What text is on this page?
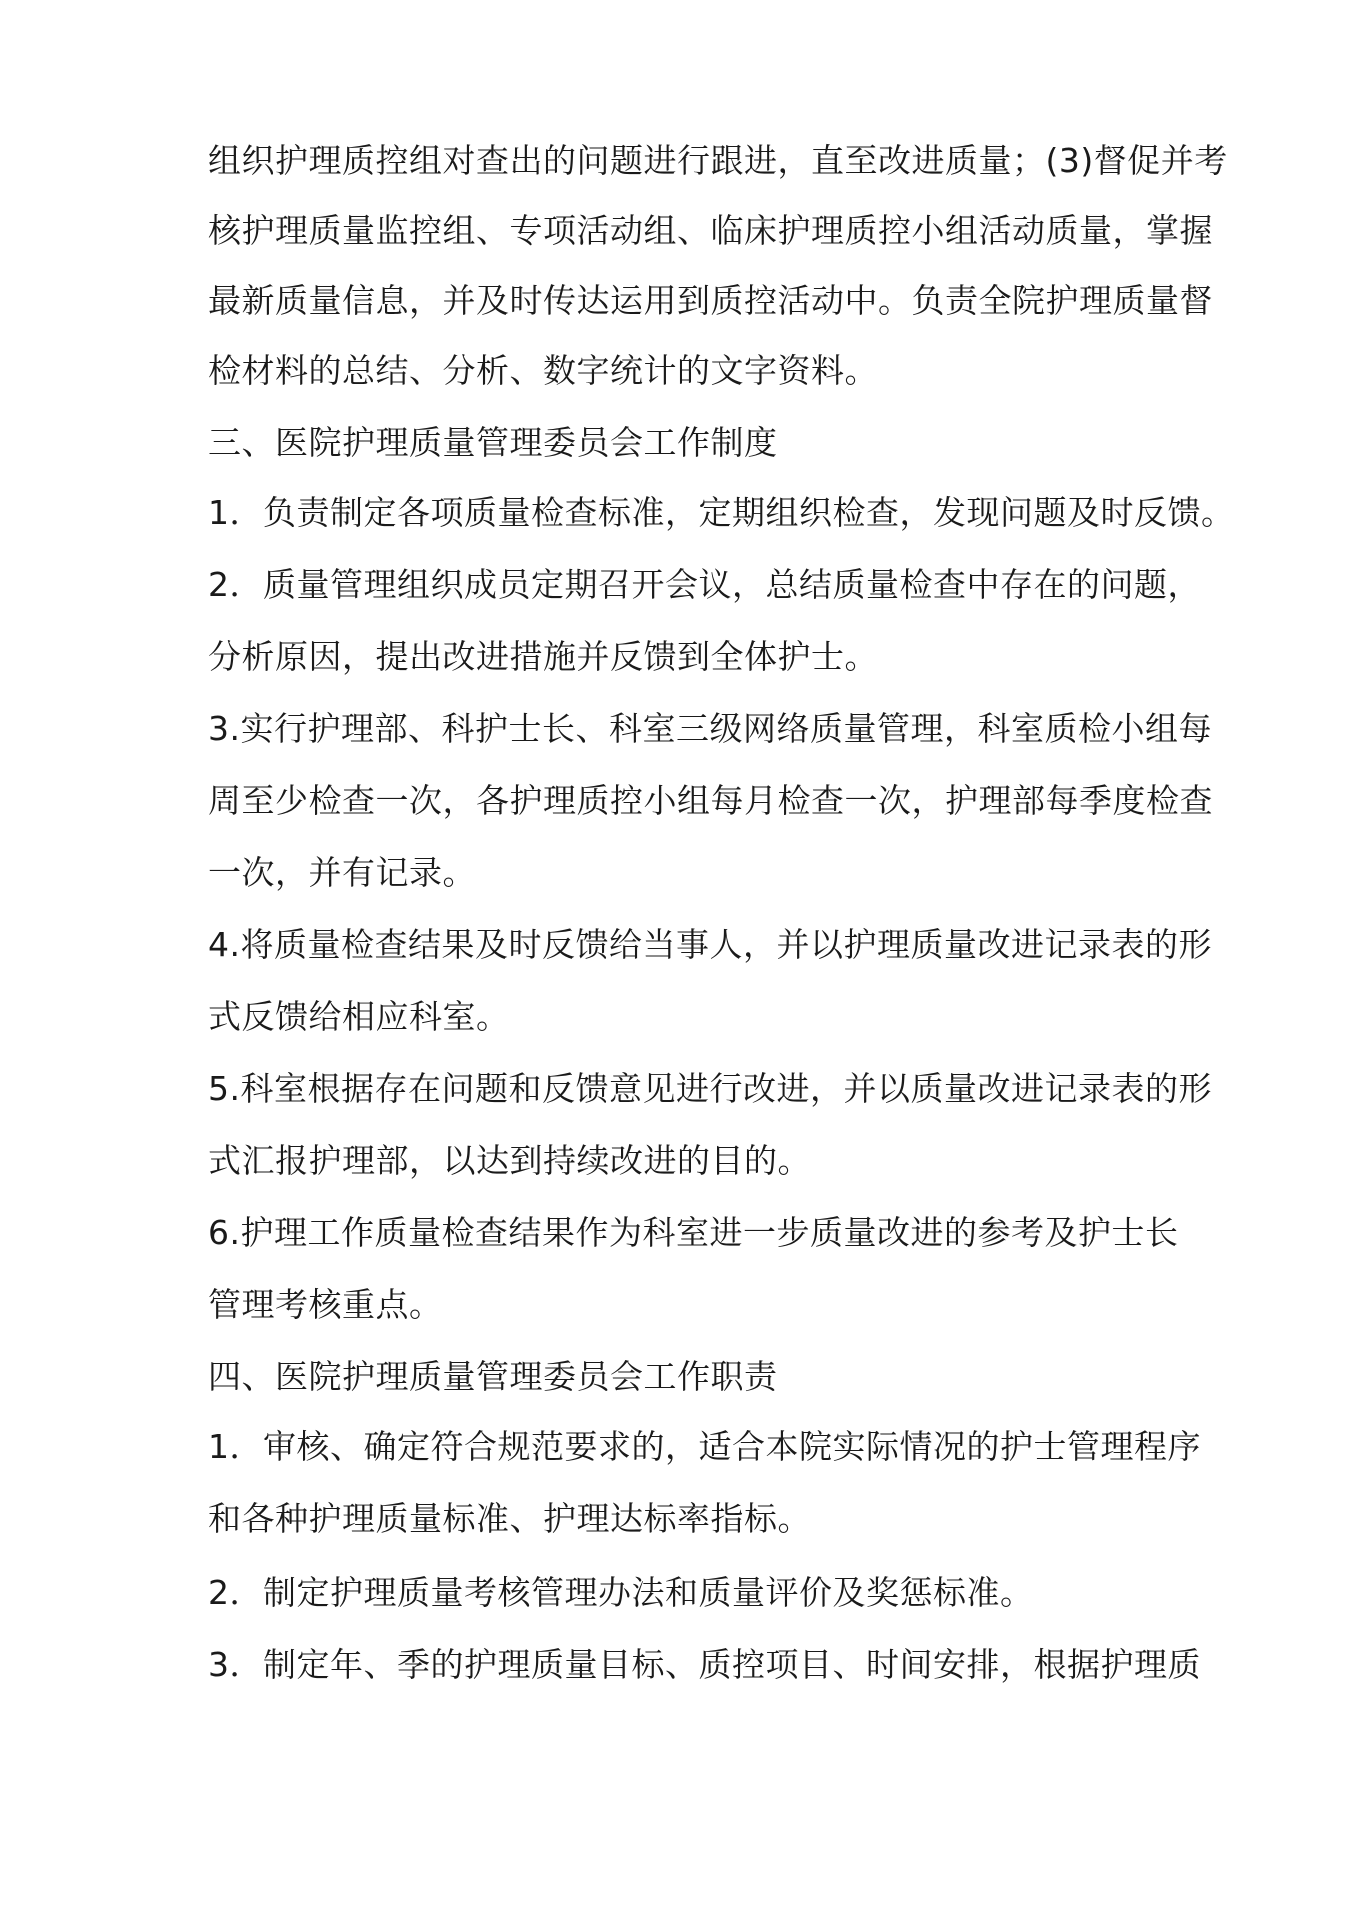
组织护理质控组对查出的问题进行跟进，直至改进质量；(3)督促并考
核护理质量监控组、专项活动组、临床护理质控小组活动质量，掌握
最新质量信息，并及时传达运用到质控活动中。负责全院护理质量督
检材料的总结、分析、数字统计的文字资料。
三、医院护理质量管理委员会工作制度
1．负责制定各项质量检查标准，定期组织检查，发现问题及时反馈。
2．质量管理组织成员定期召开会议，总结质量检查中存在的问题，
分析原因，提出改进措施并反馈到全体护士。
3.实行护理部、科护士长、科室三级网络质量管理，科室质检小组每
周至少检查一次，各护理质控小组每月检查一次，护理部每季度检查
一次，并有记录。
4.将质量检查结果及时反馈给当事人，并以护理质量改进记录表的形
式反馈给相应科室。
5.科室根据存在问题和反馈意见进行改进，并以质量改进记录表的形
式汇报护理部，以达到持续改进的目的。
6.护理工作质量检查结果作为科室进一步质量改进的参考及护士长
管理考核重点。
四、医院护理质量管理委员会工作职责
1．审核、确定符合规范要求的，适合本院实际情况的护士管理程序
和各种护理质量标准、护理达标率指标。
2．制定护理质量考核管理办法和质量评价及奖惩标准。
3．制定年、季的护理质量目标、质控项目、时间安排，根据护理质
